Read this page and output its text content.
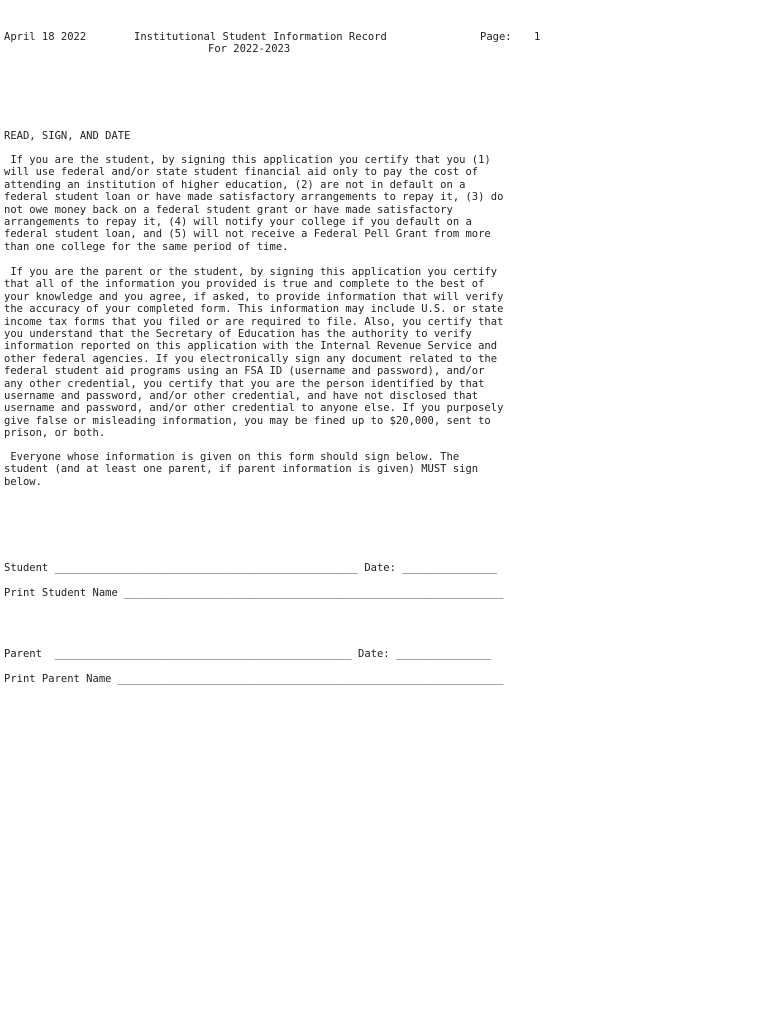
April 18 2022	Institutional Student Information Record
For 2022-2023
Page: 1
READ, SIGN, AND DATE
If you are the student, by signing this application you certify that you (1)
will use federal and/or state student financial aid only to pay the cost of
attending an institution of higher education, (2) are not in default on a
federal student loan or have made satisfactory arrangements to repay it, (3) do
not owe money back on a federal student grant or have made satisfactory
arrangements to repay it, (4) will notify your college if you default on a
federal student loan, and (5) will not receive a Federal Pell Grant from more
than one college for the same period of time.
If you are the parent or the student, by signing this application you certify
that all of the information you provided is true and complete to the best of
your knowledge and you agree, if asked, to provide information that will verify
the accuracy of your completed form. This information may include U.S. or state
income tax forms that you filed or are required to file. Also, you certify that
you understand that the Secretary of Education has the authority to verify
information reported on this application with the Internal Revenue Service and
other federal agencies. If you electronically sign any document related to the
federal student aid programs using an FSA ID (username and password), and/or
any other credential, you certify that you are the person identified by that
username and password, and/or other credential, and have not disclosed that
username and password, and/or other credential to anyone else. If you purposely
give false or misleading information, you may be fined up to $20,000, sent to
prison, or both.
Everyone whose information is given on this form should sign below. The
student (and at least one parent, if parent information is given) MUST sign
below.
Student ________________________________________________ Date: _______________
Print Student Name ____________________________________________________________
Parent  _______________________________________________ Date: _______________
Print Parent Name _____________________________________________________________
